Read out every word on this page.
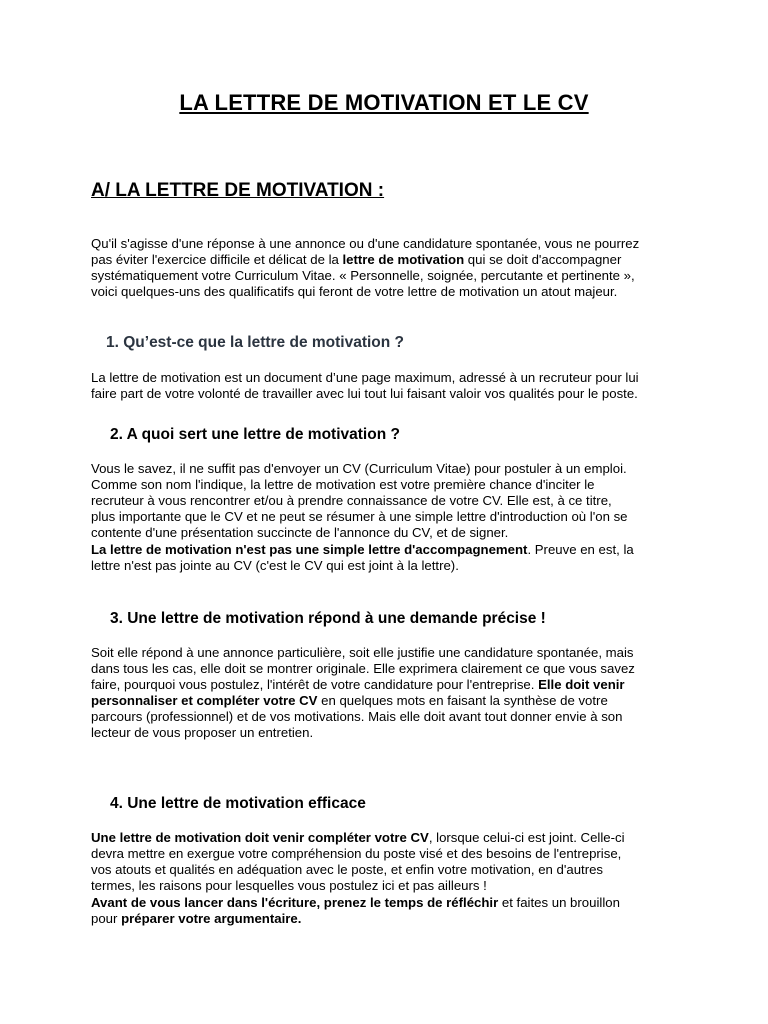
LA LETTRE DE MOTIVATION ET LE CV
A/ LA LETTRE DE MOTIVATION :
Qu'il s'agisse d'une réponse à une annonce ou d'une candidature spontanée, vous ne pourrez
pas éviter l'exercice difficile et délicat de la lettre de motivation qui se doit d'accompagner
systématiquement votre Curriculum Vitae. « Personnelle, soignée, percutante et pertinente »,
voici quelques-uns des qualificatifs qui feront de votre lettre de motivation un atout majeur.
1. Qu’est-ce que la lettre de motivation ?
La lettre de motivation est un document d’une page maximum, adressé à un recruteur pour lui
faire part de votre volonté de travailler avec lui tout lui faisant valoir vos qualités pour le poste.
2. A quoi sert une lettre de motivation ?
Vous le savez, il ne suffit pas d'envoyer un CV (Curriculum Vitae) pour postuler à un emploi.
Comme son nom l'indique, la lettre de motivation est votre première chance d'inciter le
recruteur à vous rencontrer et/ou à prendre connaissance de votre CV. Elle est, à ce titre,
plus importante que le CV et ne peut se résumer à une simple lettre d'introduction où l'on se
contente d'une présentation succincte de l'annonce du CV, et de signer.
La lettre de motivation n'est pas une simple lettre d'accompagnement. Preuve en est, la
lettre n'est pas jointe au CV (c'est le CV qui est joint à la lettre).
3. Une lettre de motivation répond à une demande précise !
Soit elle répond à une annonce particulière, soit elle justifie une candidature spontanée, mais
dans tous les cas, elle doit se montrer originale. Elle exprimera clairement ce que vous savez
faire, pourquoi vous postulez, l'intérêt de votre candidature pour l'entreprise. Elle doit venir
personnaliser et compléter votre CV en quelques mots en faisant la synthèse de votre
parcours (professionnel) et de vos motivations. Mais elle doit avant tout donner envie à son
lecteur de vous proposer un entretien.
4. Une lettre de motivation efficace
Une lettre de motivation doit venir compléter votre CV, lorsque celui-ci est joint. Celle-ci
devra mettre en exergue votre compréhension du poste visé et des besoins de l'entreprise,
vos atouts et qualités en adéquation avec le poste, et enfin votre motivation, en d'autres
termes, les raisons pour lesquelles vous postulez ici et pas ailleurs !
Avant de vous lancer dans l'écriture, prenez le temps de réfléchir et faites un brouillon
pour préparer votre argumentaire.
